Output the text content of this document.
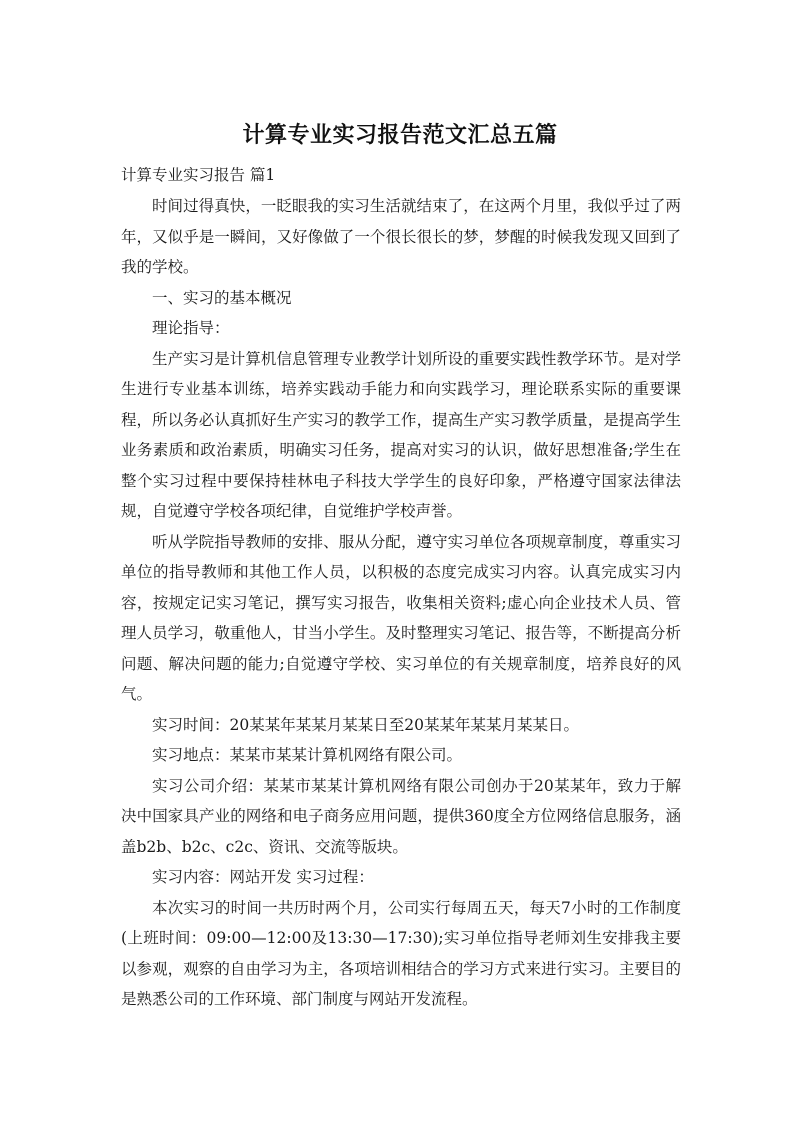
计算专业实习报告范文汇总五篇
计算专业实习报告 篇1

时间过得真快，一眨眼我的实习生活就结束了，在这两个月里，我似乎过了两年，又似乎是一瞬间，又好像做了一个很长很长的梦，梦醒的时候我发现又回到了我的学校。

一、实习的基本概况

理论指导：

生产实习是计算机信息管理专业教学计划所设的重要实践性教学环节。是对学生进行专业基本训练，培养实践动手能力和向实践学习，理论联系实际的重要课程，所以务必认真抓好生产实习的教学工作，提高生产实习教学质量，是提高学生业务素质和政治素质，明确实习任务，提高对实习的认识，做好思想准备;学生在整个实习过程中要保持桂林电子科技大学学生的良好印象，严格遵守国家法律法规，自觉遵守学校各项纪律，自觉维护学校声誉。

听从学院指导教师的安排、服从分配，遵守实习单位各项规章制度，尊重实习单位的指导教师和其他工作人员，以积极的态度完成实习内容。认真完成实习内容，按规定记实习笔记，撰写实习报告，收集相关资料;虚心向企业技术人员、管理人员学习，敬重他人，甘当小学生。及时整理实习笔记、报告等，不断提高分析问题、解决问题的能力;自觉遵守学校、实习单位的有关规章制度，培养良好的风气。

实习时间：20某某年某某月某某日至20某某年某某月某某日。

实习地点：某某市某某计算机网络有限公司。

实习公司介绍：某某市某某计算机网络有限公司创办于20某某年，致力于解决中国家具产业的网络和电子商务应用问题，提供360度全方位网络信息服务，涵盖b2b、b2c、c2c、资讯、交流等版块。

实习内容：网站开发 实习过程：

本次实习的时间一共历时两个月，公司实行每周五天，每天7小时的工作制度(上班时间：09:00—12:00及13:30—17:30);实习单位指导老师刘生安排我主要以参观，观察的自由学习为主，各项培训相结合的学习方式来进行实习。主要目的是熟悉公司的工作环境、部门制度与网站开发流程。
